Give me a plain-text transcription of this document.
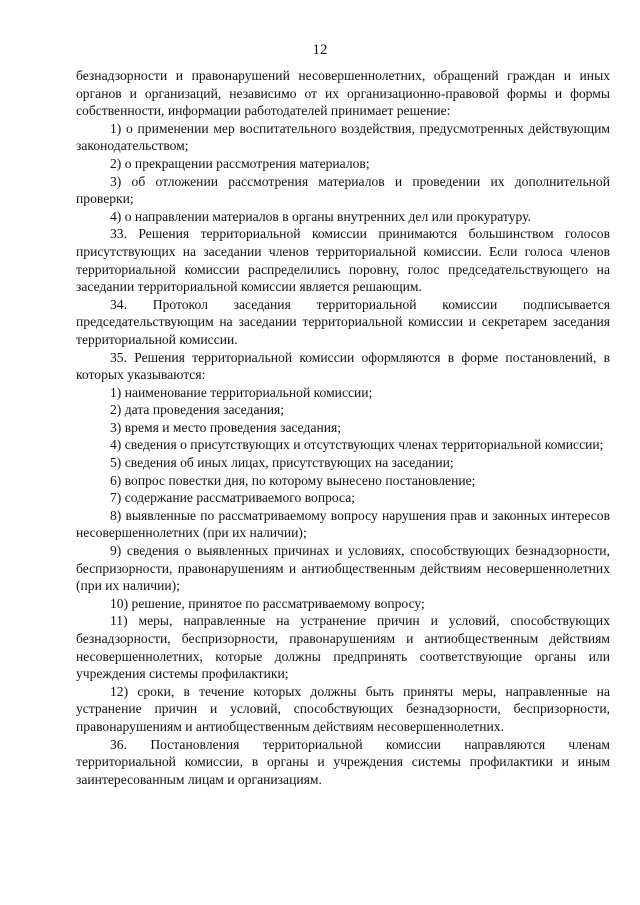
12

безнадзорности и правонарушений несовершеннолетних, обращений граждан и иных органов и организаций, независимо от их организационно-правовой формы и формы собственности, информации работодателей принимает решение:

1) о применении мер воспитательного воздействия, предусмотренных действующим законодательством;

2) о прекращении рассмотрения материалов;

3) об отложении рассмотрения материалов и проведении их дополнительной проверки;

4) о направлении материалов в органы внутренних дел или прокуратуру.

33. Решения территориальной комиссии принимаются большинством голосов присутствующих на заседании членов территориальной комиссии. Если голоса членов территориальной комиссии распределились поровну, голос председательствующего на заседании территориальной комиссии является решающим.

34. Протокол заседания территориальной комиссии подписывается председательствующим на заседании территориальной комиссии и секретарем заседания территориальной комиссии.

35. Решения территориальной комиссии оформляются в форме постановлений, в которых указываются:

1) наименование территориальной комиссии;

2) дата проведения заседания;

3) время и место проведения заседания;

4) сведения о присутствующих и отсутствующих членах территориальной комиссии;

5) сведения об иных лицах, присутствующих на заседании;

6) вопрос повестки дня, по которому вынесено постановление;

7) содержание рассматриваемого вопроса;

8) выявленные по рассматриваемому вопросу нарушения прав и законных интересов несовершеннолетних (при их наличии);

9) сведения о выявленных причинах и условиях, способствующих безнадзорности, беспризорности, правонарушениям и антиобщественным действиям несовершеннолетних (при их наличии);

10) решение, принятое по рассматриваемому вопросу;

11) меры, направленные на устранение причин и условий, способствующих безнадзорности, беспризорности, правонарушениям и антиобщественным действиям несовершеннолетних, которые должны предпринять соответствующие органы или учреждения системы профилактики;

12) сроки, в течение которых должны быть приняты меры, направленные на устранение причин и условий, способствующих безнадзорности, беспризорности, правонарушениям и антиобщественным действиям несовершеннолетних.

36. Постановления территориальной комиссии направляются членам территориальной комиссии, в органы и учреждения системы профилактики и иным заинтересованным лицам и организациям.
